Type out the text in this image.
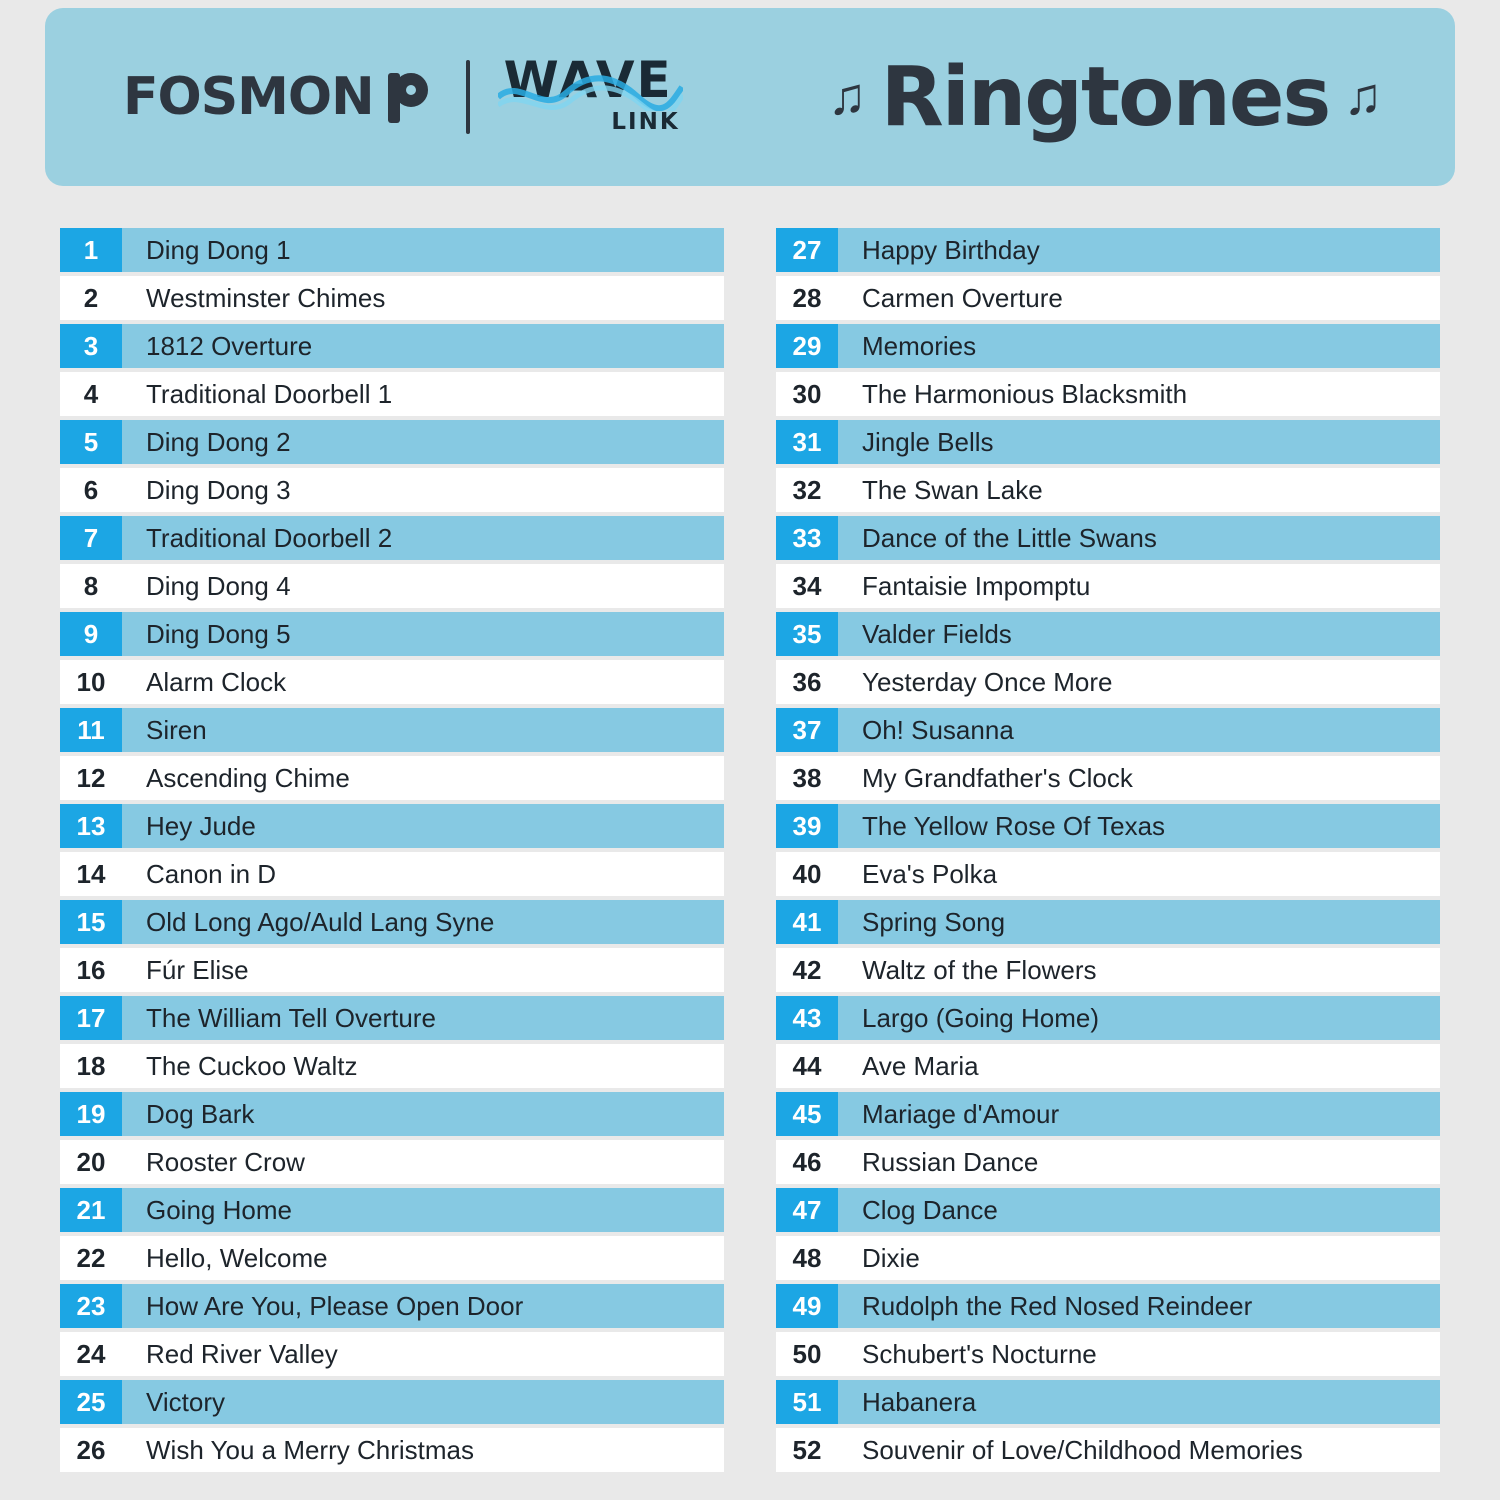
FOSMON	WAVE
LINK	♫ Ringtones ♫
1	Ding Dong 1
2	Westminster Chimes
3	1812 Overture
4	Traditional Doorbell 1
5	Ding Dong 2
6	Ding Dong 3
7	Traditional Doorbell 2
8	Ding Dong 4
9	Ding Dong 5
10	Alarm Clock
11	Siren
12	Ascending Chime
13	Hey Jude
14	Canon in D
15	Old Long Ago/Auld Lang Syne
16	Fúr Elise
17	The William Tell Overture
18	The Cuckoo Waltz
19	Dog Bark
20	Rooster Crow
21	Going Home
22	Hello, Welcome
23	How Are You, Please Open Door
24	Red River Valley
25	Victory
26	Wish You a Merry Christmas
27	Happy Birthday
28	Carmen Overture
29	Memories
30	The Harmonious Blacksmith
31	Jingle Bells
32	The Swan Lake
33	Dance of the Little Swans
34	Fantaisie Impomptu
35	Valder Fields
36	Yesterday Once More
37	Oh! Susanna
38	My Grandfather's Clock
39	The Yellow Rose Of Texas
40	Eva's Polka
41	Spring Song
42	Waltz of the Flowers
43	Largo (Going Home)
44	Ave Maria
45	Mariage d'Amour
46	Russian Dance
47	Clog Dance
48	Dixie
49	Rudolph the Red Nosed Reindeer
50	Schubert's Nocturne
51	Habanera
52	Souvenir of Love/Childhood Memories
